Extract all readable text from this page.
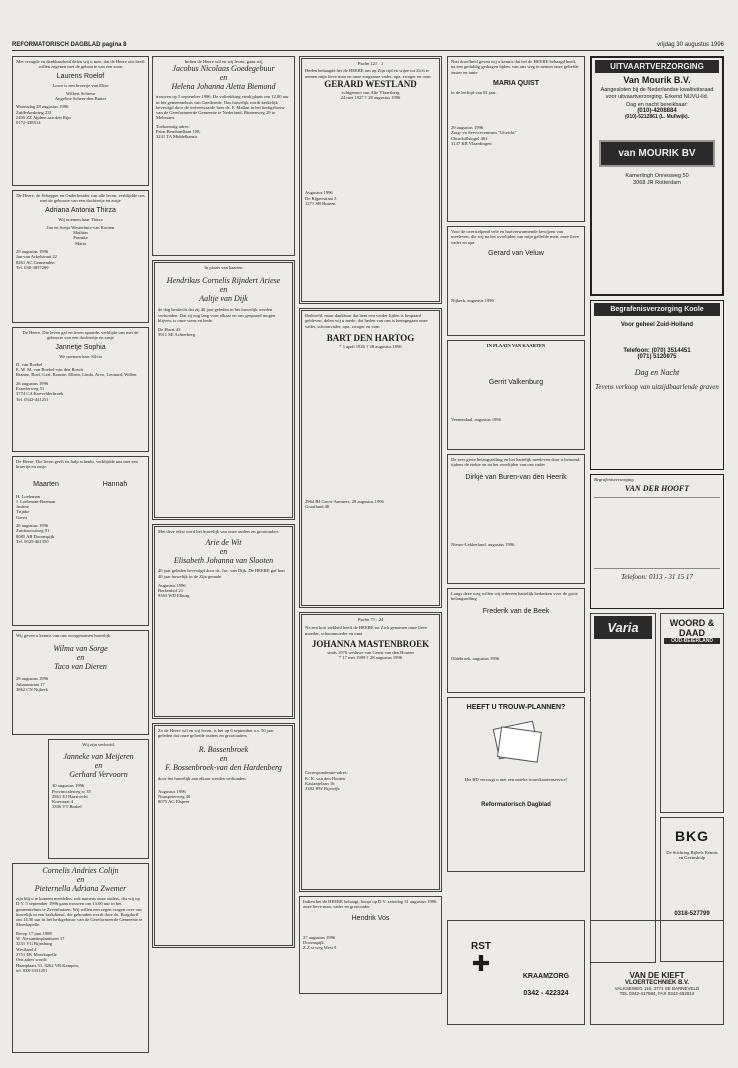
REFORMATORISCH DAGBLAD pagina 8	vrijdag 30 augustus 1996

Met vreugde en dankbaarheid delen wij u mee, dat de Heere ons heeft willen zegenen met de geboorte van een zoon

Laurens Roelof

Lowe is een broertje van Elise

Wilbert Schreur
Angeline Scheer-den Butter

Woensdag 28 augustus 1996
Zuiderkerkring 231
2405 ZZ Alphen aan den Rijn
0172-438514

De Heere, de Schepper en Onderhouder van alle leven, verblijdde ons met de geboorte van een dochtertje en zusje

Adriana Antonia Thirza

Wij noemen haar Thirza

Jan en Sonja Westerhuis-van Kooten
Mathias
Franske
Marta

29 augustus 1996
Jan van Arkelstraat 22
8261 AC Gennenden
Tel. 038-3857269

De Heere, Die leven gaf en leven spaarde, verblijde ons met de geboorte van een dochtertje en zusje

Jannetje Sophia

We noemen haar Silvia

D. van Roekel
E. W. M. van Roekel-van den Bosch
Rianne, Roel, Gert, Ronnie, Elbrin, Linda, Arvo, Leonard, Willen

26 augustus 1996
Esserlerweg 51
3774 CA Koevelderbroek
Tel. 0342-441251

De Heere, Die leven geeft en hulp schenkt, verblijdde ons met een broertje en zusje

Maarten	Hannah

H. Loeleman
J. Loeleman-Boeman
Justine
Trijnke
Gerrit

26 augustus 1996
Zuideroostweg 91
8085 AB Doornspijk
Tel. 0525-461350

Wij geven u kennis van ons voorgenomen huwelijk

Wilma van Sorge
en
Taco van Dieren

29 augustus 1996
Julianastraat 17
3862 CN Nijkerk

Wij zijn verloofd,

Janneke van Meijeren
en
Gerhard Vervoorn

30 augustus 1996
Provincialeweg w 35
2861 EJ Haastrecht
Koestraat 4
3306 VT Brakel

Cornelis Andries Colijn
en
Pieternella Adriana Zwemer

zijn blij u te kunnen meedelen, ook namens onze ouders, dat wij op D.V. 5 september 1996 gaan trouwen om 13.00 uur in het gemeentehuis te Zevenhuizen. Wij willen een zegen vragen over ons huwelijk in een kerkdienst, die gehouden wordt door ds. Borgdorff om 14.30 uur in het kerkgebouw van de Gereformeerde Gemeente te Moerkapelle.

Recep 17 juni 1988
W. Alexanderplantsoen 17
3331 VG Rijnsburg
Westland 4
2751 EK Moerkapelle
Ons adres wordt:
Haanplaats 51, 8262 VB Kampen,
tel. 038-3331291

Indien de Heere wil en wij leven, gaan wij

Jacobus Nicolaas Goedegebuur
en
Helena Johanna Aletta Biemond

trouwen op 5 september 1996. De voltrekking vindt plaats om 12.00 uur in het gemeentehuis van Goederede. Ons huwelijk wordt kerkelijk bevestigd door de weleerwaarde heer ds. F. Mallan in het kerkgebouw van de Gereformeerde Gemeente te Nederland, Binnenweg 29 te Melissant.

Toekomstig adres:
Prins Bernhardlaan 108,
3241 TA Middelharnis

In plaats van kaarten

Hendrikus Cornelis Rijndert Ariese
en
Aaltje van Dijk

de dag herdacht dat zij 40 jaar geleden in het huwelijk werden verbonden. Dat zij nog lang voor elkaar en ons gespaard mogen blijven, is onze wens en bede.

De Horst 43
3911 SE Achterberg

Met deze tekst werd het huwelijk van onze ouders en grootouders

Arie de Wit
en
Elisabeth Johanna van Slooten

40 jaar geleden bevestigd door ds. Jac. van Dijk. De HEERE gaf hun 40 jaar huwelijk in de Zijn genade.

Augustus 1996
Berkenhof 21
9363 WD Elburg

Zo de Heere wil en wij leven, is het op 6 september a.s. 50 jaar geleden dat onze geliefde ouders en grootouders

R. Bossenbroek
en
F. Bossenbroek-van den Hardenberg

door het huwelijk aan elkaar werden verbonden.

Augustus 1996
Nunspeterweg 40
8075 AG Elspeet

Psalm 121 : 1

Heden behaagde het de HEERE om op Zijn tijd en wijze tot Zich te nemen mijn lieve man en onze zorgzame vader, opa, zwager en oom

GERARD WESTLAND

echtgenoot van Alie Vlaarsberg

24 mei 1927 † 28 augustus 1996

Augustus 1996
De Rijperstraat 3
1271 SB Huizen

Bedroefd, maar dankbaar dat hem een verder lijden is bespaard gebleven, delen wij u mede, dat heden van ons is heengegaan onze vader, schoonvader, opa, zwager en oom

BART DEN HARTOG

* 1 april 1926 † 28 augustus 1996

2964 BJ Groot-Ammers, 28 augustus 1996
Graafland 48

Psalm 73 : 24

Na een kort ziekbed heeft de HEERE tot Zich genomen onze lieve moeder, schoonmoeder en oma

JOHANNA MASTENBROEK

sinds 1976 weduwe van Gerrit van den Houten

* 17 mei 1909 † 28 augustus 1996

Correspondentie-adres:
K. K. van den Houten
Kastanjelaan 16
2382 HW Rijswijk

Indien het de HEERE behaagt, hoopt op D.V. zaterdag 31 augustus 1996 onze lieve man, vader en grootvader

Hendrik Vos

27 augustus 1996
Doornspijk
Z.Z.st weg West 9

Niet droefheid geven wij u kennis dat het de HEERE behaagd heeft, na een geduldig gedragen lijden, van ons weg te nemen onze geliefde zuster en tante

MARIA QUIST

in de leeftijd van 81 jaar.

29 augustus 1996
Zorg- en Servicecentrum "Uitzicht"
Churchillsingel 463
3137 KB Vlaardingen

Voor de overstelpend vele en hartverwarmende bewijzen van meeleven, die wij na het overlijden van mijn geliefde man, onze lieve vader en opa

Gerard van Veluw

Nijkerk, augustus 1996

IN PLAATS VAN KAARTEN

Gerrit Valkenburg

Veenendaal, augustus 1996

De zeer grote belangstelling en het hartelijk meeleven door u betoond, tijdens de ziekte en na het overlijden van ons vader

Dirkje van Buren-van den Heerik

Nieuw-Lekkerland, augustus 1996

Langs deze weg willen wij iedereen hartelijk bedanken voor de grote belangstelling

Frederik van de Beek

Oldebroek, augustus 1996

HEEFT U TROUW-PLANNEN?

Het RD verzorgt u met een unieke trouwkaartenservice!

Reformatorisch Dagblad
UITVAARTVERZORGING
Van Mourik B.V.

Aangesloten bij de Nederlandse kwaliteitsraad voor uitvaartverzorging. Erkend NUVU-lid.

Dag en nacht bereikbaar:

(010)-4208884
(010)-5212861 (L. Mullwijk).
van MOURIK BV

Kamerlingh Onnesweg 50
3068 JR Rotterdam

Begrafenisverzorging Koole
Voor geheel Zuid-Holland
Telefoon: (070) 3514451
(071) 5120975
Dag en Nacht
Tevens verkoop van uitzijdbaarlende graven

Begrafenisverzorging

VAN DER HOOFT
Telefoon: 0113 - 31 15 17
Varia	WOORD & DAAD
OUD-BEIERLAND
BKG

De Stichting Bijbels Kennis en Gezinshulp

0318-527799
RST
✚
KRAAMZORG
0342 - 422324
VAN DE KIEFT
VLOERTECHNIEK B.V.

VALKSEWEG 116, 3771 SE BARNEVELD

TEL 0342-417984, FAX 0342-452814
